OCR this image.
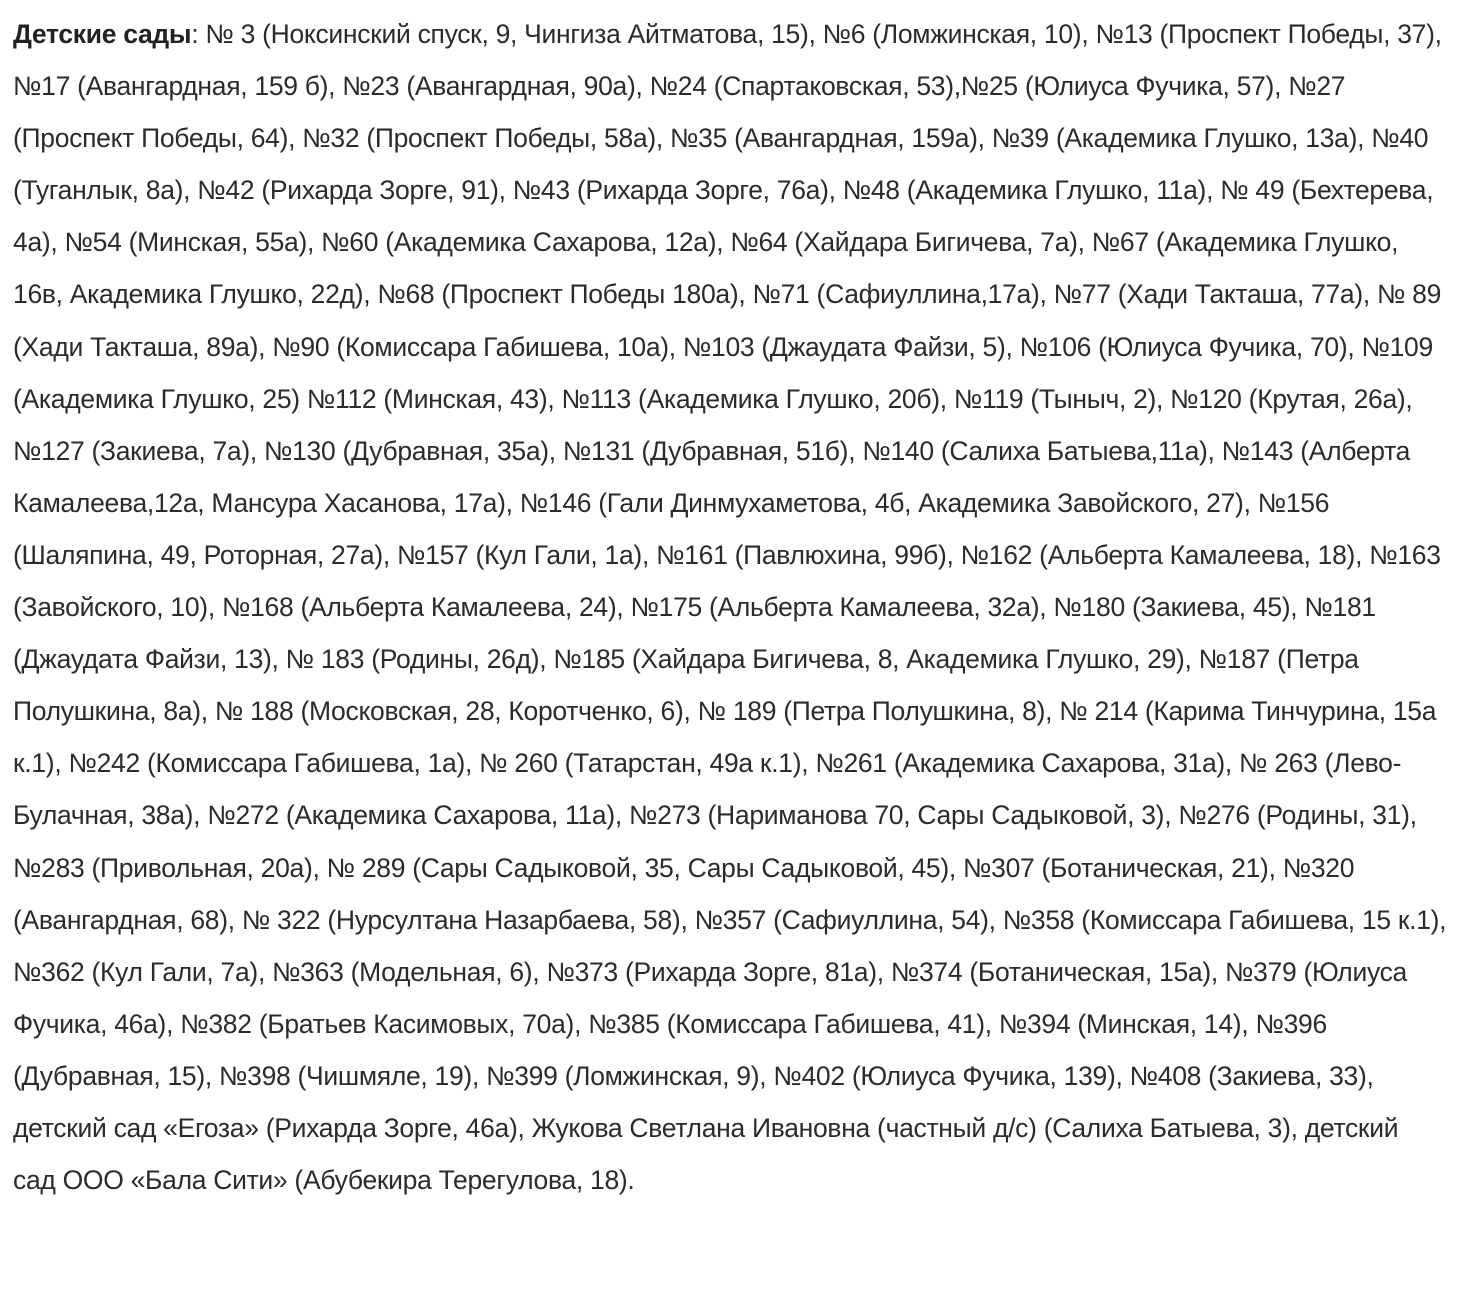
Детские сады: № 3 (Ноксинский спуск, 9, Чингиза Айтматова, 15), №6 (Ломжинская, 10), №13 (Проспект Победы, 37), №17 (Авангардная, 159 б), №23 (Авангардная, 90а), №24 (Спартаковская, 53),№25 (Юлиуса Фучика, 57), №27 (Проспект Победы, 64), №32 (Проспект Победы, 58а), №35 (Авангардная, 159а), №39 (Академика Глушко, 13а), №40 (Туганлык, 8а), №42 (Рихарда Зорге, 91), №43 (Рихарда Зорге, 76а), №48 (Академика Глушко, 11а), № 49 (Бехтерева, 4а), №54 (Минская, 55а), №60 (Академика Сахарова, 12а), №64 (Хайдара Бигичева, 7а), №67 (Академика Глушко, 16в, Академика Глушко, 22д), №68 (Проспект Победы 180а), №71 (Сафиуллина,17а), №77 (Хади Такташа, 77а), № 89 (Хади Такташа, 89а), №90 (Комиссара Габишева, 10а), №103 (Джаудата Файзи, 5), №106 (Юлиуса Фучика, 70), №109 (Академика Глушко, 25) №112 (Минская, 43), №113 (Академика Глушко, 20б), №119 (Тыныч, 2), №120 (Крутая, 26а), №127 (Закиева, 7а), №130 (Дубравная, 35а), №131 (Дубравная, 51б), №140 (Салиха Батыева,11а), №143 (Алберта Камалеева,12а, Мансура Хасанова, 17а), №146 (Гали Динмухаметова, 4б, Академика Завойского, 27), №156 (Шаляпина, 49, Роторная, 27а), №157 (Кул Гали, 1а), №161 (Павлюхина, 99б), №162 (Альберта Камалеева, 18), №163 (Завойского, 10), №168 (Альберта Камалеева, 24), №175 (Альберта Камалеева, 32а), №180 (Закиева, 45), №181 (Джаудата Файзи, 13), № 183 (Родины, 26д), №185 (Хайдара Бигичева, 8, Академика Глушко, 29), №187 (Петра Полушкина, 8а), № 188 (Московская, 28, Коротченко, 6), № 189 (Петра Полушкина, 8), № 214 (Карима Тинчурина, 15а к.1), №242 (Комиссара Габишева, 1а), № 260 (Татарстан, 49а к.1), №261 (Академика Сахарова, 31а), № 263 (Лево-Булачная, 38а), №272 (Академика Сахарова, 11а), №273 (Нариманова 70, Сары Садыковой, 3), №276 (Родины, 31), №283 (Привольная, 20а), № 289 (Сары Садыковой, 35, Сары Садыковой, 45), №307 (Ботаническая, 21), №320 (Авангардная, 68), № 322 (Нурсултана Назарбаева, 58), №357 (Сафиуллина, 54), №358 (Комиссара Габишева, 15 к.1), №362 (Кул Гали, 7а), №363 (Модельная, 6), №373 (Рихарда Зорге, 81а), №374 (Ботаническая, 15а), №379 (Юлиуса Фучика, 46а), №382 (Братьев Касимовых, 70а), №385 (Комиссара Габишева, 41), №394 (Минская, 14), №396 (Дубравная, 15), №398 (Чишмяле, 19), №399 (Ломжинская, 9), №402 (Юлиуса Фучика, 139), №408 (Закиева, 33), детский сад «Егоза» (Рихарда Зорге, 46а), Жукова Светлана Ивановна (частный д/с) (Салиха Батыева, 3), детский сад ООО «Бала Сити» (Абубекира Терегулова, 18).
